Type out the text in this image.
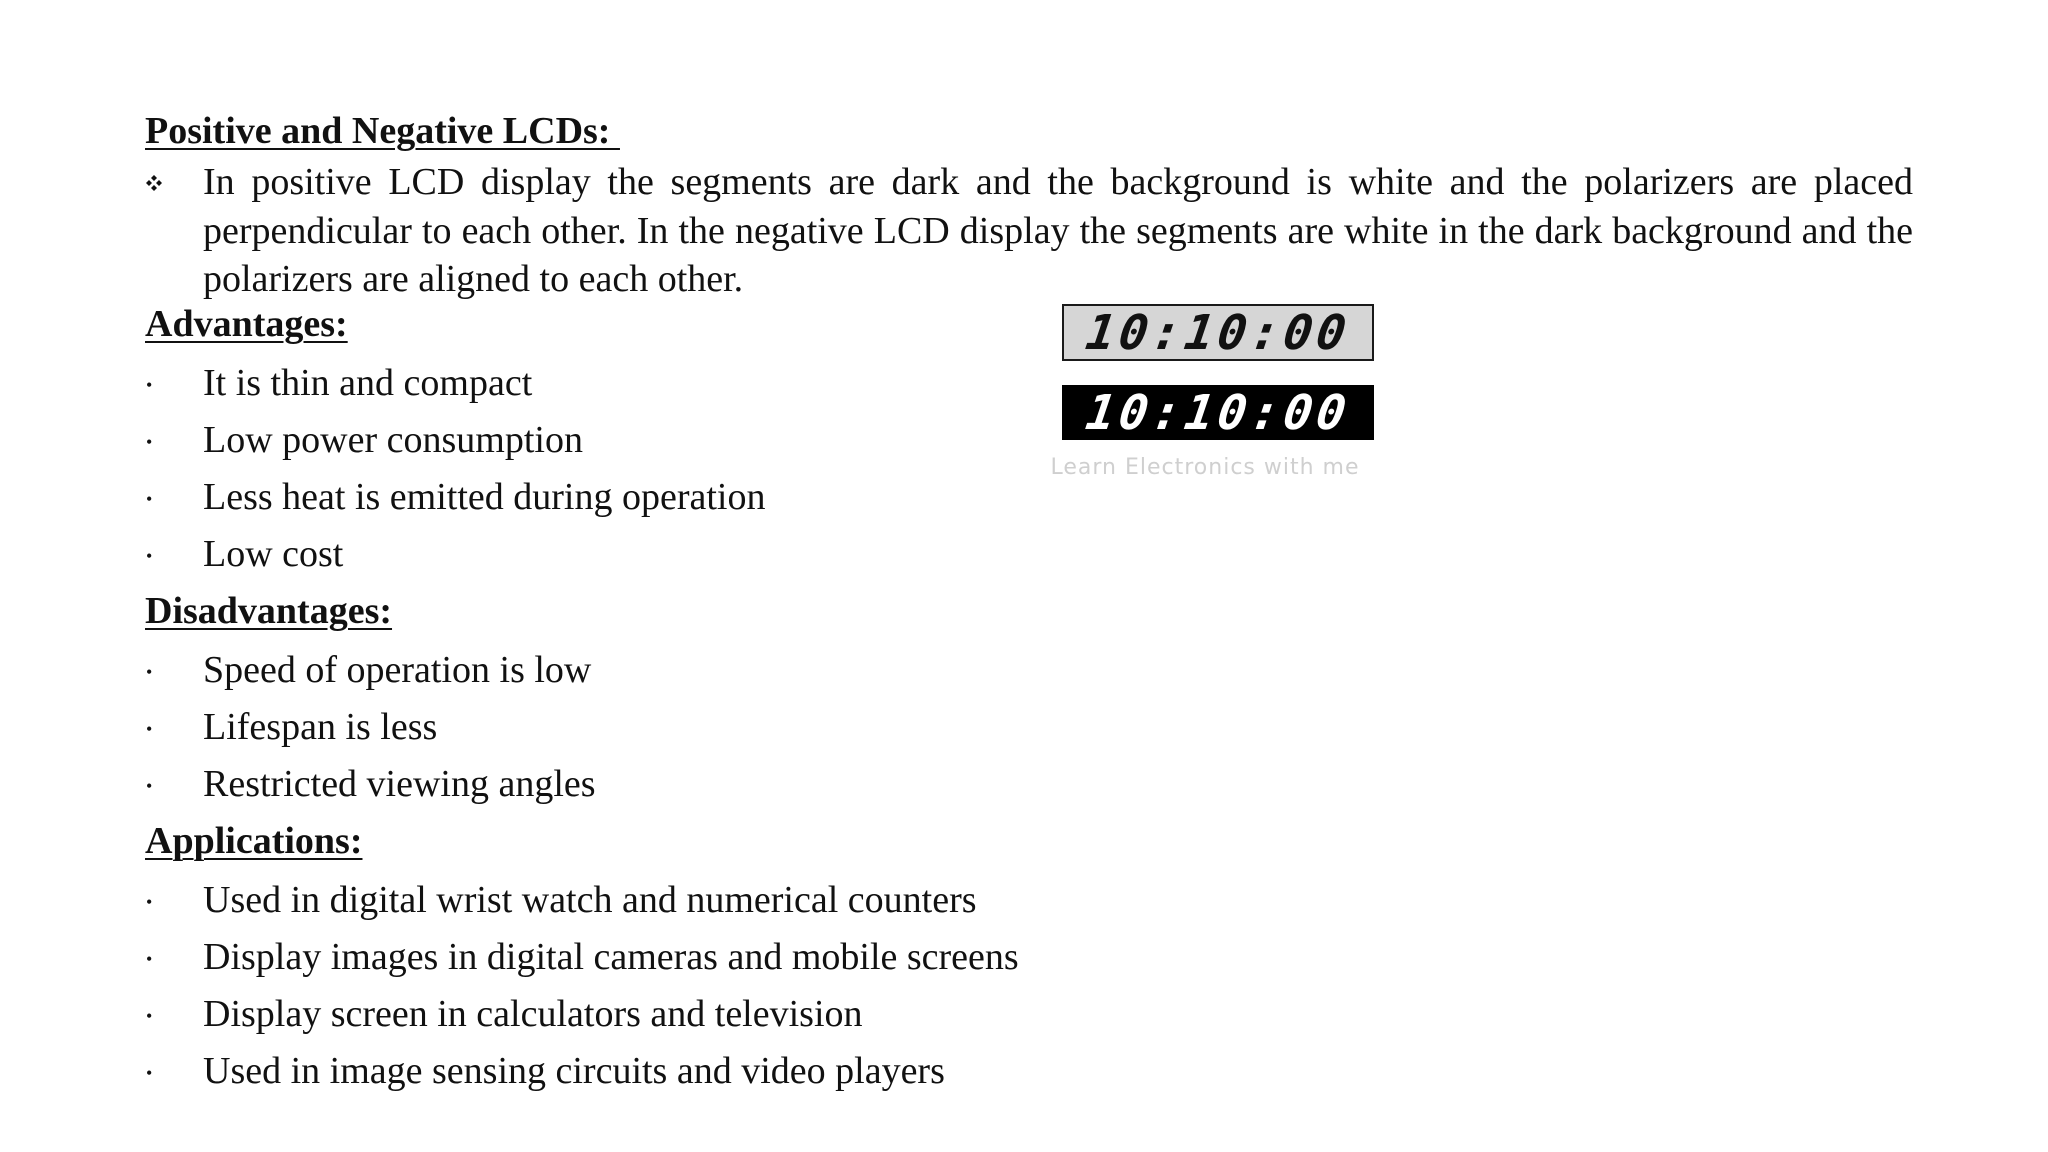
Positive and Negative LCDs:
In positive LCD display the segments are dark and the background is white and the polarizers are placed perpendicular to each other. In the negative LCD display the segments are white in the dark background and the polarizers are aligned to each other.
Advantages:
• It is thin and compact
• Low power consumption
• Less heat is emitted during operation
• Low cost
Disadvantages:
• Speed of operation is low
• Lifespan is less
• Restricted viewing angles
Applications:
• Used in digital wrist watch and numerical counters
• Display images in digital cameras and mobile screens
• Display screen in calculators and television
• Used in image sensing circuits and video players
10:10:00
10:10:00
Learn Electronics with me
